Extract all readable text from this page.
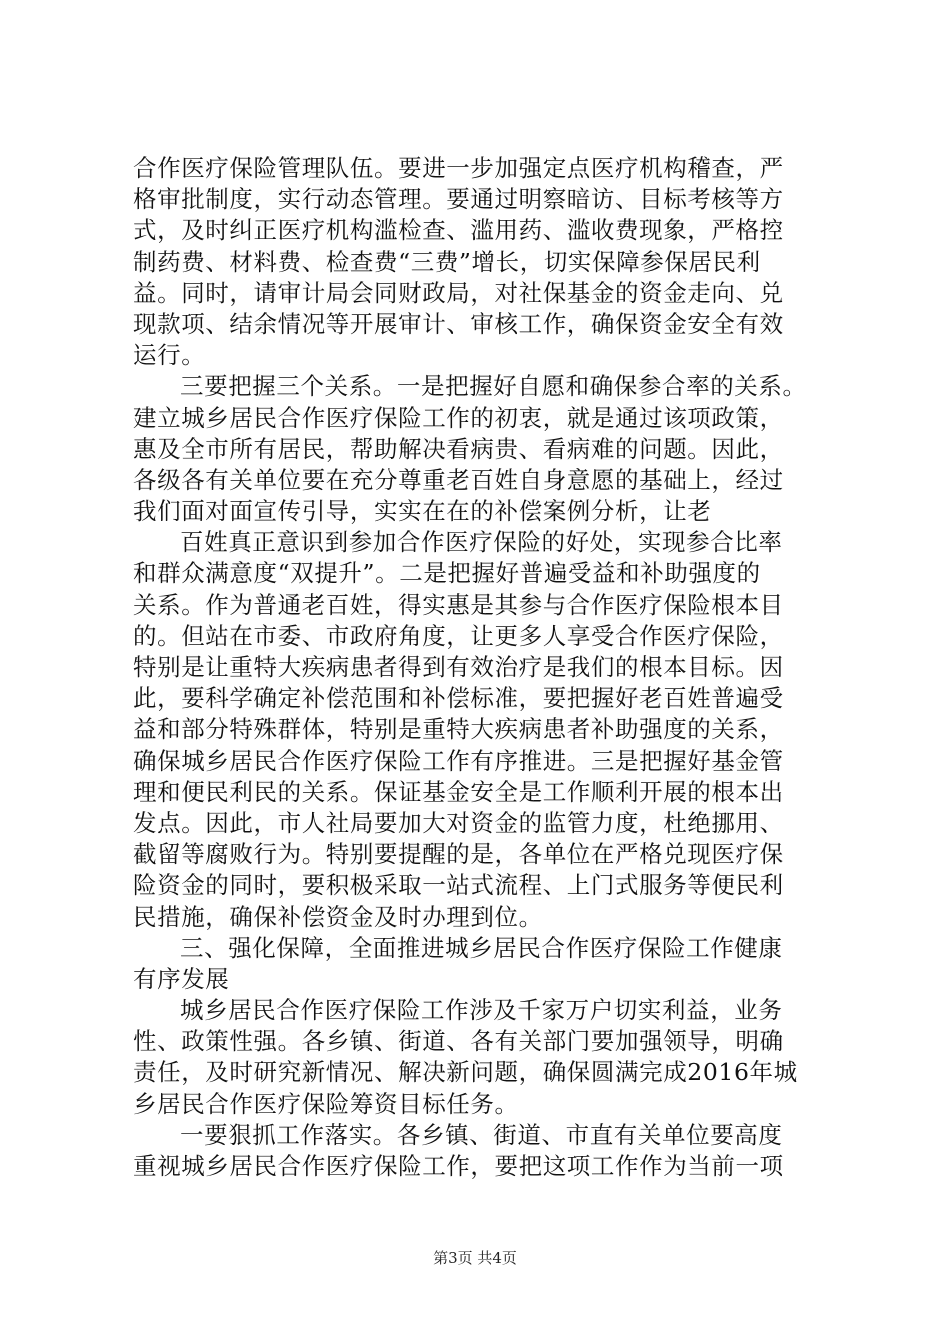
合作医疗保险管理队伍。要进一步加强定点医疗机构稽查，严
格审批制度，实行动态管理。要通过明察暗访、目标考核等方
式，及时纠正医疗机构滥检查、滥用药、滥收费现象，严格控
制药费、材料费、检查费“三费”增长，切实保障参保居民利
益。同时，请审计局会同财政局，对社保基金的资金走向、兑
现款项、结余情况等开展审计、审核工作，确保资金安全有效
运行。
三要把握三个关系。一是把握好自愿和确保参合率的关系。
建立城乡居民合作医疗保险工作的初衷，就是通过该项政策，
惠及全市所有居民，帮助解决看病贵、看病难的问题。因此，
各级各有关单位要在充分尊重老百姓自身意愿的基础上，经过
我们面对面宣传引导，实实在在的补偿案例分析，让老
百姓真正意识到参加合作医疗保险的好处，实现参合比率
和群众满意度“双提升”。二是把握好普遍受益和补助强度的
关系。作为普通老百姓，得实惠是其参与合作医疗保险根本目
的。但站在市委、市政府角度，让更多人享受合作医疗保险，
特别是让重特大疾病患者得到有效治疗是我们的根本目标。因
此，要科学确定补偿范围和补偿标准，要把握好老百姓普遍受
益和部分特殊群体，特别是重特大疾病患者补助强度的关系，
确保城乡居民合作医疗保险工作有序推进。三是把握好基金管
理和便民利民的关系。保证基金安全是工作顺利开展的根本出
发点。因此，市人社局要加大对资金的监管力度，杜绝挪用、
截留等腐败行为。特别要提醒的是，各单位在严格兑现医疗保
险资金的同时，要积极采取一站式流程、上门式服务等便民利
民措施，确保补偿资金及时办理到位。
三、强化保障，全面推进城乡居民合作医疗保险工作健康
有序发展
城乡居民合作医疗保险工作涉及千家万户切实利益，业务
性、政策性强。各乡镇、街道、各有关部门要加强领导，明确
责任，及时研究新情况、解决新问题，确保圆满完成2016年城
乡居民合作医疗保险筹资目标任务。
一要狠抓工作落实。各乡镇、街道、市直有关单位要高度
重视城乡居民合作医疗保险工作，要把这项工作作为当前一项
第3页 共4页
